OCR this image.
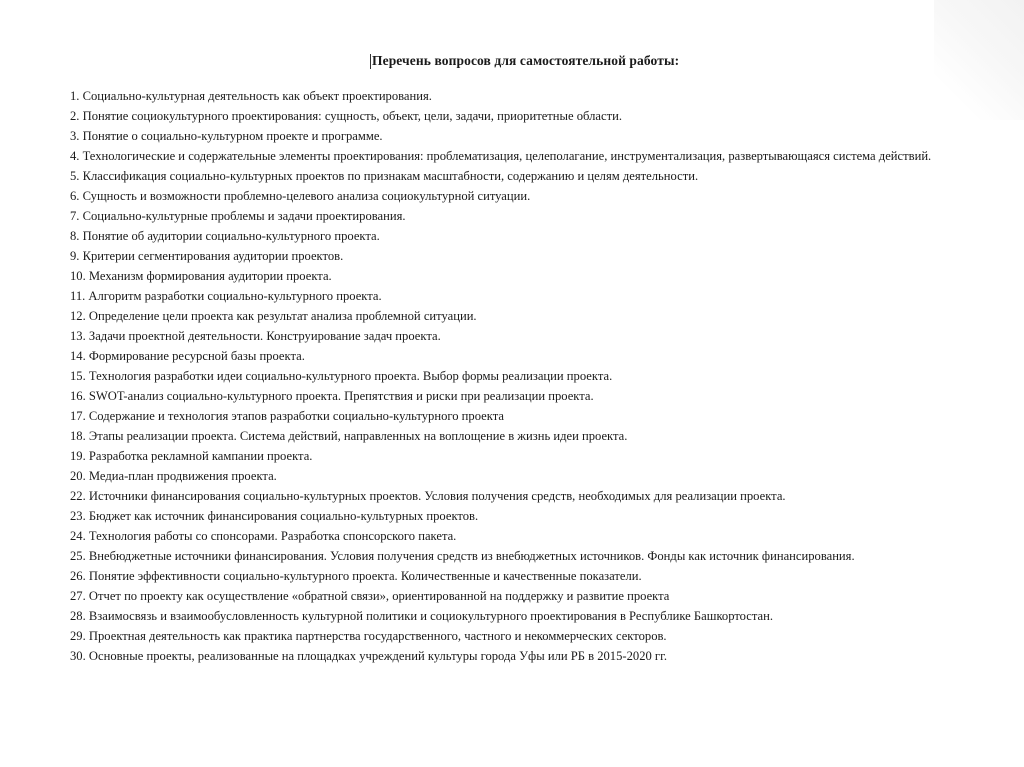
Перечень вопросов для самостоятельной работы:
1. Социально-культурная деятельность как объект проектирования.
2. Понятие социокультурного проектирования: сущность, объект, цели, задачи, приоритетные области.
3. Понятие о социально-культурном проекте и программе.
4. Технологические и содержательные элементы проектирования: проблематизация, целеполагание, инструментализация, развертывающаяся система действий.
5. Классификация социально-культурных проектов по признакам масштабности, содержанию и целям деятельности.
6. Сущность и возможности проблемно-целевого анализа социокультурной ситуации.
7. Социально-культурные проблемы и задачи проектирования.
8. Понятие об аудитории социально-культурного проекта.
9. Критерии сегментирования аудитории проектов.
10. Механизм формирования аудитории проекта.
11. Алгоритм разработки социально-культурного проекта.
12. Определение цели проекта как результат анализа проблемной ситуации.
13. Задачи проектной деятельности. Конструирование задач проекта.
14. Формирование ресурсной базы проекта.
15. Технология разработки идеи социально-культурного проекта. Выбор формы реализации проекта.
16. SWOT-анализ социально-культурного проекта. Препятствия и риски при реализации проекта.
17. Содержание и технология этапов разработки социально-культурного проекта
18. Этапы реализации проекта. Система действий, направленных на воплощение в жизнь идеи проекта.
19. Разработка рекламной кампании проекта.
20. Медиа-план продвижения проекта.
22. Источники финансирования социально-культурных проектов. Условия получения средств, необходимых для реализации проекта.
23. Бюджет как источник финансирования социально-культурных проектов.
24. Технология работы со спонсорами. Разработка спонсорского пакета.
25. Внебюджетные источники финансирования. Условия получения средств из внебюджетных источников. Фонды как источник финансирования.
26. Понятие эффективности социально-культурного проекта. Количественные и качественные показатели.
27. Отчет по проекту как осуществление «обратной связи», ориентированной на поддержку и развитие проекта
28. Взаимосвязь и взаимообусловленность культурной политики и социокультурного проектирования в Республике Башкортостан.
29. Проектная деятельность как практика партнерства государственного, частного и некоммерческих секторов.
30. Основные проекты, реализованные на площадках учреждений культуры города Уфы или РБ в 2015-2020 гг.
